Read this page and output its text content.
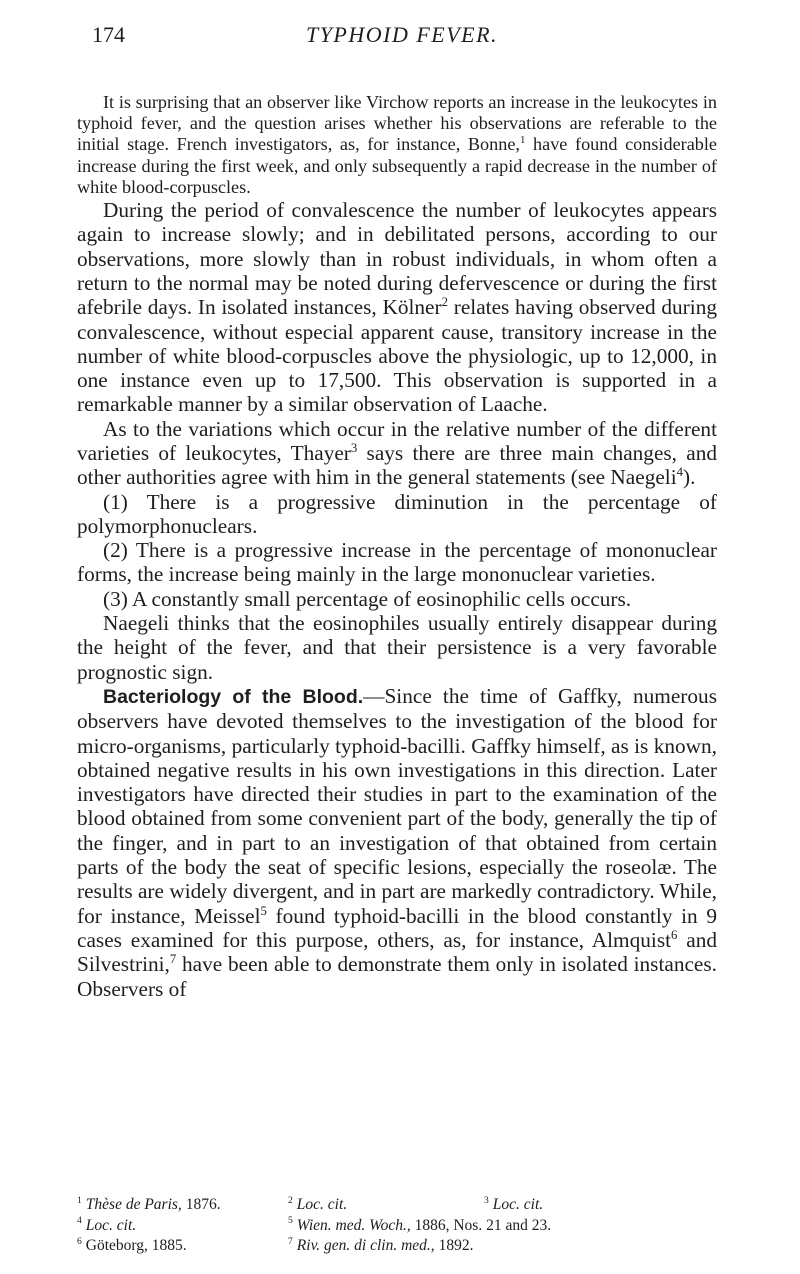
174	TYPHOID FEVER.

It is surprising that an observer like Virchow reports an increase in the leukocytes in typhoid fever, and the question arises whether his observations are referable to the initial stage. French investigators, as, for instance, Bonne,$^1$ have found considerable increase during the first week, and only subsequently a rapid decrease in the number of white blood-corpuscles.

During the period of convalescence the number of leukocytes appears again to increase slowly; and in debilitated persons, according to our observations, more slowly than in robust individuals, in whom often a return to the normal may be noted during defervescence or during the first afebrile days. In isolated instances, Kölner$^2$ relates having observed during convalescence, without especial apparent cause, transitory increase in the number of white blood-corpuscles above the physiologic, up to 12,000, in one instance even up to 17,500. This observation is supported in a remarkable manner by a similar observation of Laache.

As to the variations which occur in the relative number of the different varieties of leukocytes, Thayer$^3$ says there are three main changes, and other authorities agree with him in the general statements (see Naegeli$^4$).

(1) There is a progressive diminution in the percentage of polymorphonuclears.

(2) There is a progressive increase in the percentage of mononuclear forms, the increase being mainly in the large mononuclear varieties.

(3) A constantly small percentage of eosinophilic cells occurs.

Naegeli thinks that the eosinophiles usually entirely disappear during the height of the fever, and that their persistence is a very favorable prognostic sign.

Bacteriology of the Blood.—Since the time of Gaffky, numerous observers have devoted themselves to the investigation of the blood for micro-organisms, particularly typhoid-bacilli. Gaffky himself, as is known, obtained negative results in his own investigations in this direction. Later investigators have directed their studies in part to the examination of the blood obtained from some convenient part of the body, generally the tip of the finger, and in part to an investigation of that obtained from certain parts of the body the seat of specific lesions, especially the roseolæ. The results are widely divergent, and in part are markedly contradictory. While, for instance, Meissel$^5$ found typhoid-bacilli in the blood constantly in 9 cases examined for this purpose, others, as, for instance, Almquist$^6$ and Silvestrini,$^7$ have been able to demonstrate them only in isolated instances. Observers of

$^1$ Thèse de Paris, 1876.	$^2$ Loc. cit.	$^3$ Loc. cit.
$^4$ Loc. cit.	$^5$ Wien. med. Woch., 1886, Nos. 21 and 23.
$^6$ Göteborg, 1885.	$^7$ Riv. gen. di clin. med., 1892.
